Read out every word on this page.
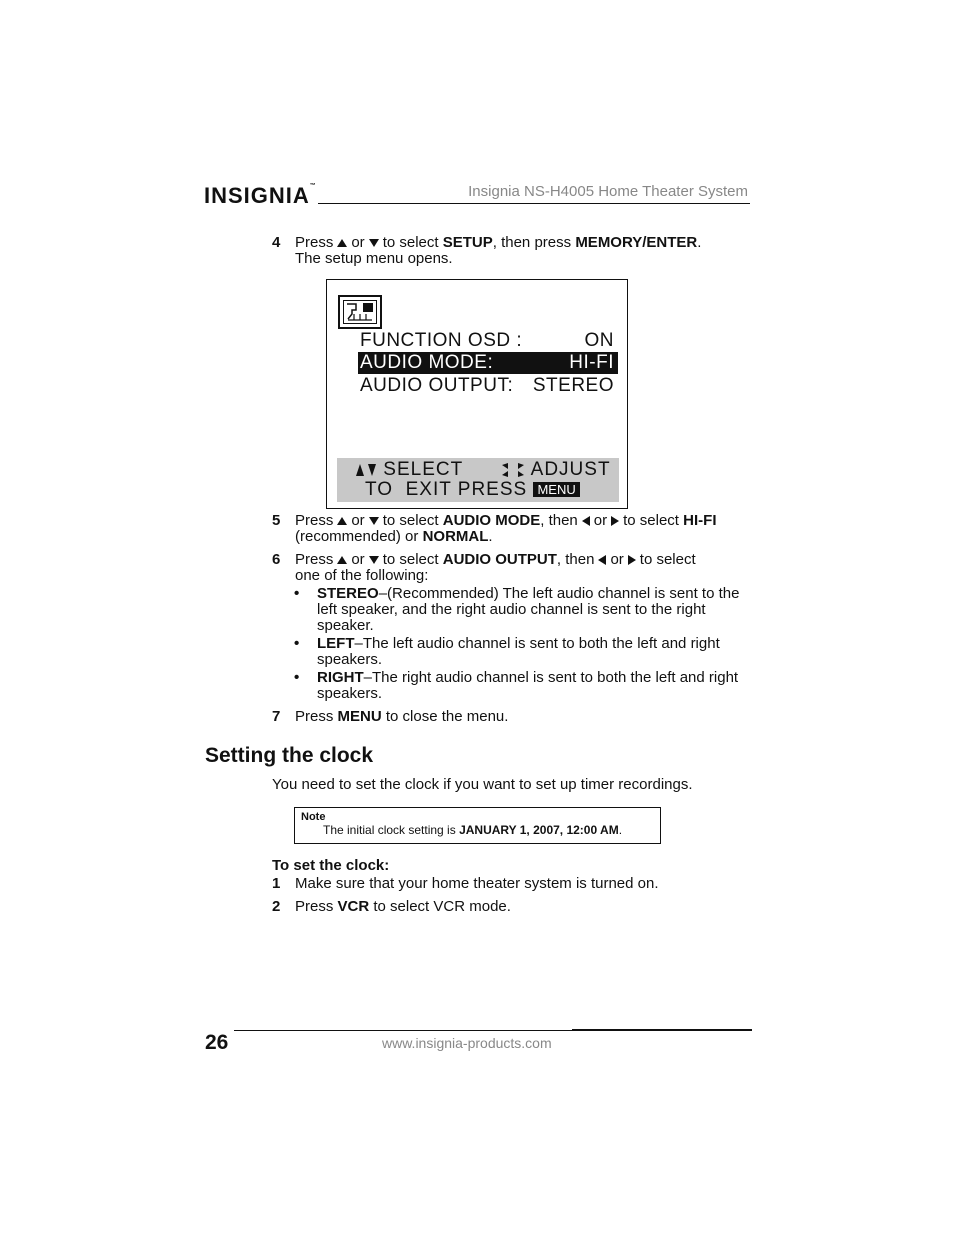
INSIGNIA™	Insignia NS-H4005 Home Theater System
4 Press or to select SETUP, then press MEMORY/ENTER.
The setup menu opens.
FUNCTION OSD :	ON
AUDIO MODE:	HI-FI
AUDIO OUTPUT: STEREO
SELECT	ADJUST
TO  EXIT PRESS MENU
5 Press or to select AUDIO MODE, then or to select HI-FI
(recommended) or NORMAL.
6 Press or to select AUDIO OUTPUT, then or to select
one of the following:
• STEREO–(Recommended) The left audio channel is sent to the left speaker, and the right audio channel is sent to the right speaker.
• LEFT–The left audio channel is sent to both the left and right speakers.
• RIGHT–The right audio channel is sent to both the left and right speakers.
7 Press MENU to close the menu.
Setting the clock
You need to set the clock if you want to set up timer recordings.
Note
The initial clock setting is JANUARY 1, 2007, 12:00 AM.
To set the clock:
1 Make sure that your home theater system is turned on.
2 Press VCR to select VCR mode.
26	www.insignia-products.com
